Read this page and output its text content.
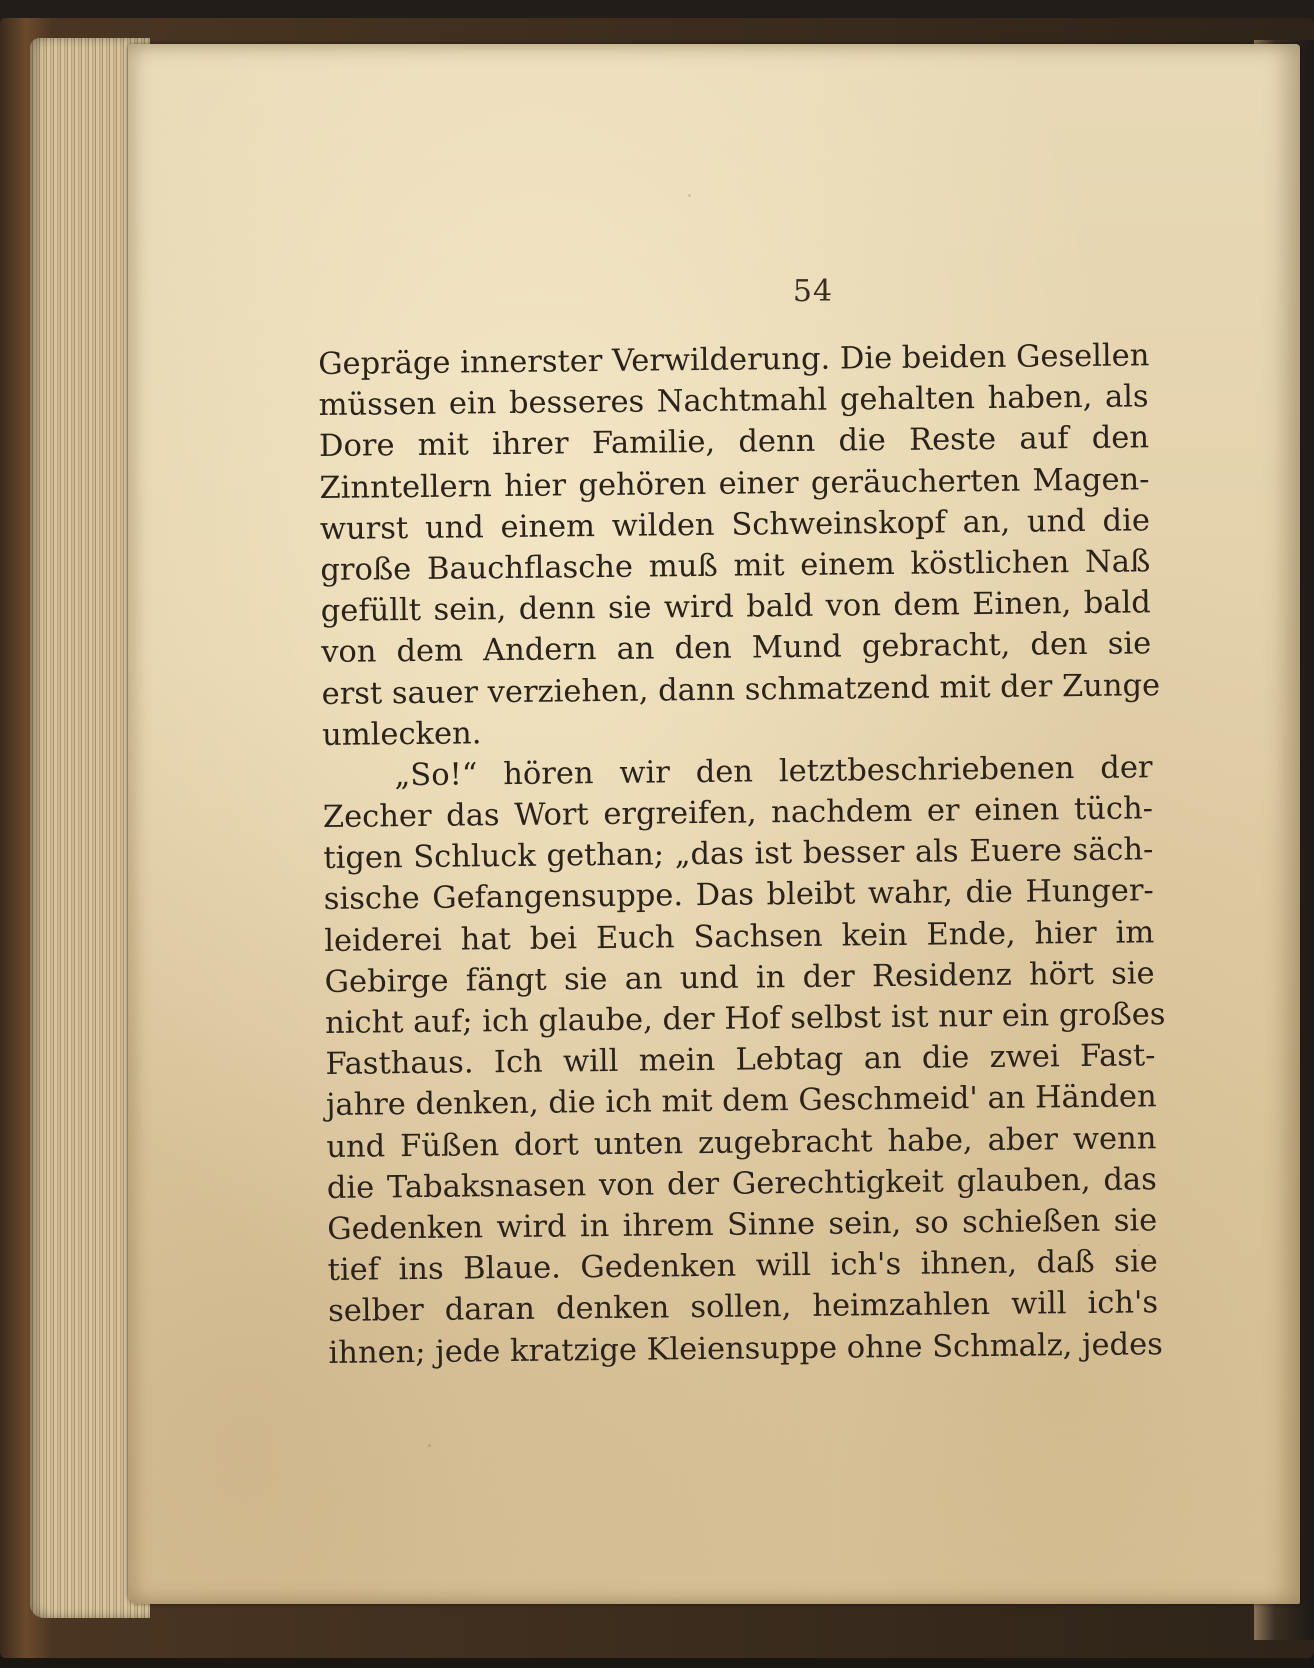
54
Gepräge innerster Verwilderung. Die beiden Gesellen
müssen ein besseres Nachtmahl gehalten haben, als
Dore mit ihrer Familie, denn die Reste auf den
Zinntellern hier gehören einer geräucherten Magen-
wurst und einem wilden Schweinskopf an, und die
große Bauchflasche muß mit einem köstlichen Naß
gefüllt sein, denn sie wird bald von dem Einen, bald
von dem Andern an den Mund gebracht, den sie
erst sauer verziehen, dann schmatzend mit der Zunge
umlecken.
„So!“ hören wir den letztbeschriebenen der
Zecher das Wort ergreifen, nachdem er einen tüch-
tigen Schluck gethan; „das ist besser als Euere säch-
sische Gefangensuppe. Das bleibt wahr, die Hunger-
leiderei hat bei Euch Sachsen kein Ende, hier im
Gebirge fängt sie an und in der Residenz hört sie
nicht auf; ich glaube, der Hof selbst ist nur ein großes
Fasthaus. Ich will mein Lebtag an die zwei Fast-
jahre denken, die ich mit dem Geschmeid' an Händen
und Füßen dort unten zugebracht habe, aber wenn
die Tabaksnasen von der Gerechtigkeit glauben, das
Gedenken wird in ihrem Sinne sein, so schießen sie
tief ins Blaue. Gedenken will ich's ihnen, daß sie
selber daran denken sollen, heimzahlen will ich's
ihnen; jede kratzige Kleiensuppe ohne Schmalz, jedes
